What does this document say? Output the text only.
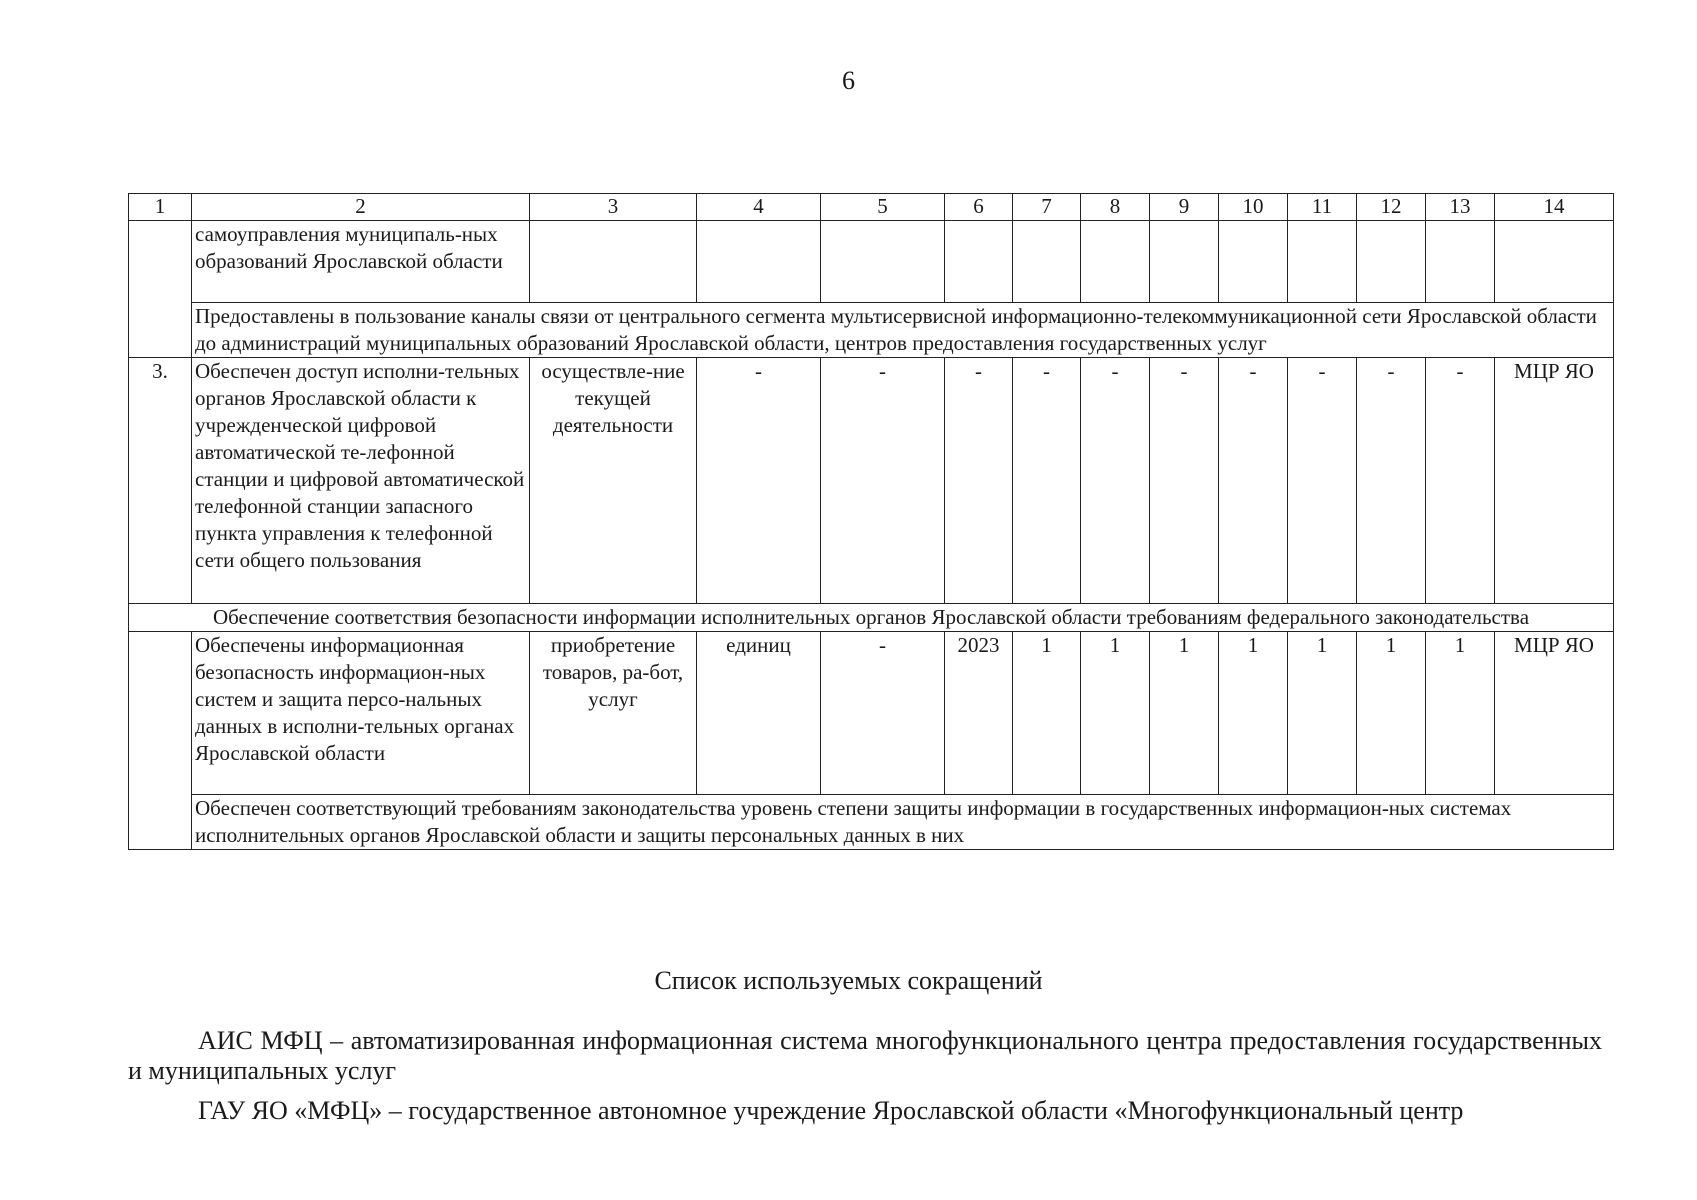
6
1	2	3	4	5	6	7	8	9	10	11	12	13	14
	самоуправления муниципаль-ных образований Ярославской области												
	Предоставлены в пользование каналы связи от центрального сегмента мультисервисной информационно-телекоммуникационной сети Ярославской области до администраций муниципальных образований Ярославской области, центров предоставления государственных услуг												
3.	Обеспечен доступ исполни-тельных органов Ярославской области к учрежденческой цифровой автоматической те-лефонной станции и цифровой автоматической телефонной станции запасного пункта управления к телефонной сети общего пользования	осуществле-ние текущей деятельности	-	-	-	-	-	-	-	-	-	-	МЦР ЯО
Обеспечение соответствия безопасности информации исполнительных органов Ярославской области требованиям федерального законодательства													
	Обеспечены информационная безопасность информацион-ных систем и защита персо-нальных данных в исполни-тельных органах Ярославской области	приобретение товаров, ра-бот, услуг	единиц	-	2023	1	1	1	1	1	1	1	МЦР ЯО
	Обеспечен соответствующий требованиям законодательства уровень степени защиты информации в государственных информацион-ных системах исполнительных органов Ярославской области и защиты персональных данных в них												
Список используемых сокращений
АИС МФЦ – автоматизированная информационная система многофункционального центра предоставления государственных и муниципальных услуг
ГАУ ЯО «МФЦ» – государственное автономное учреждение Ярославской области «Многофункциональный центр
